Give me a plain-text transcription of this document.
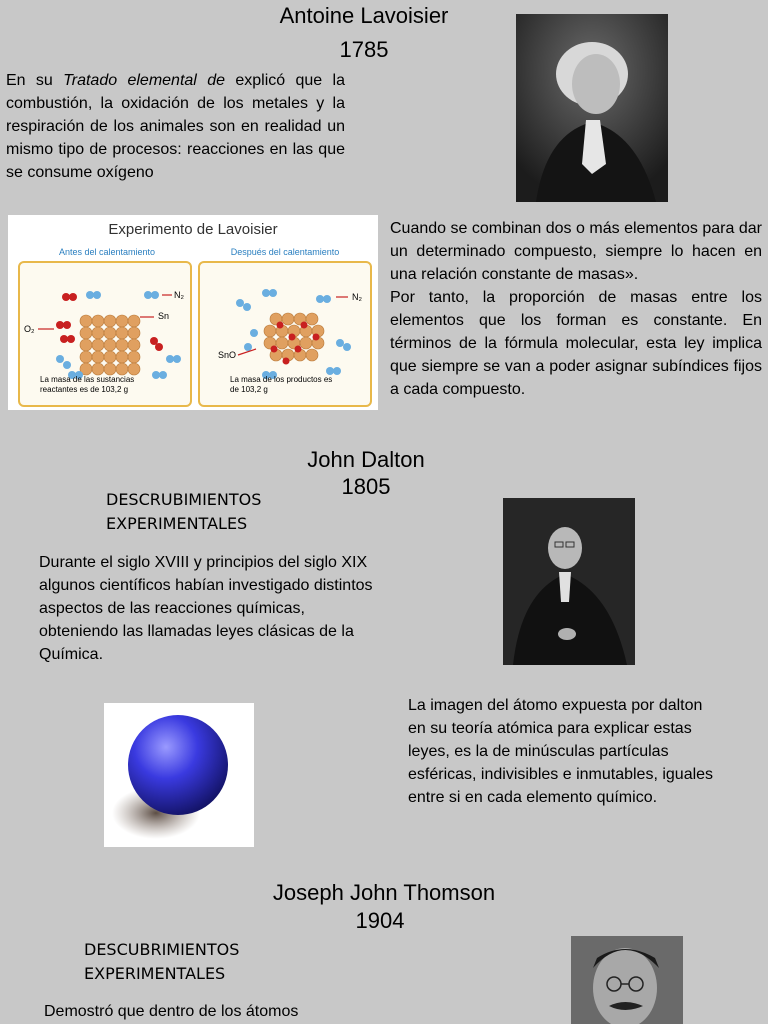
Antoine Lavoisier
1785
En su Tratado elemental de explicó que la combustión, la oxidación de los metales y la respiración de los animales son en realidad un mismo tipo de procesos: reacciones en las que se consume oxígeno
Experimento de Lavoisier
Antes del calentamiento	Después del calentamiento
O₂
N₂
Sn
La masa de las sustancias reactantes es de 103,2 g
N₂
SnO
La masa de los productos es de 103,2 g
Cuando se combinan dos o más elementos para dar un determinado compuesto, siempre lo hacen en una relación constante de masas».
Por tanto, la proporción de masas entre los elementos que los forman es constante. En términos de la fórmula molecular, esta ley implica que siempre se van a poder asignar subíndices fijos a cada compuesto.
John Dalton
1805
DESCRUBIMIENTOS EXPERIMENTALES
Durante el siglo XVIII y principios del siglo XIX algunos científicos habían investigado distintos aspectos de las reacciones químicas, obteniendo las llamadas leyes clásicas de la Química.
La imagen del átomo expuesta por dalton en su teoría atómica para explicar estas leyes, es la de minúsculas partículas esféricas, indivisibles e inmutables, iguales entre si en cada elemento químico.
Joseph John Thomson
1904
DESCUBRIMIENTOS EXPERIMENTALES
Demostró que dentro de los átomos
